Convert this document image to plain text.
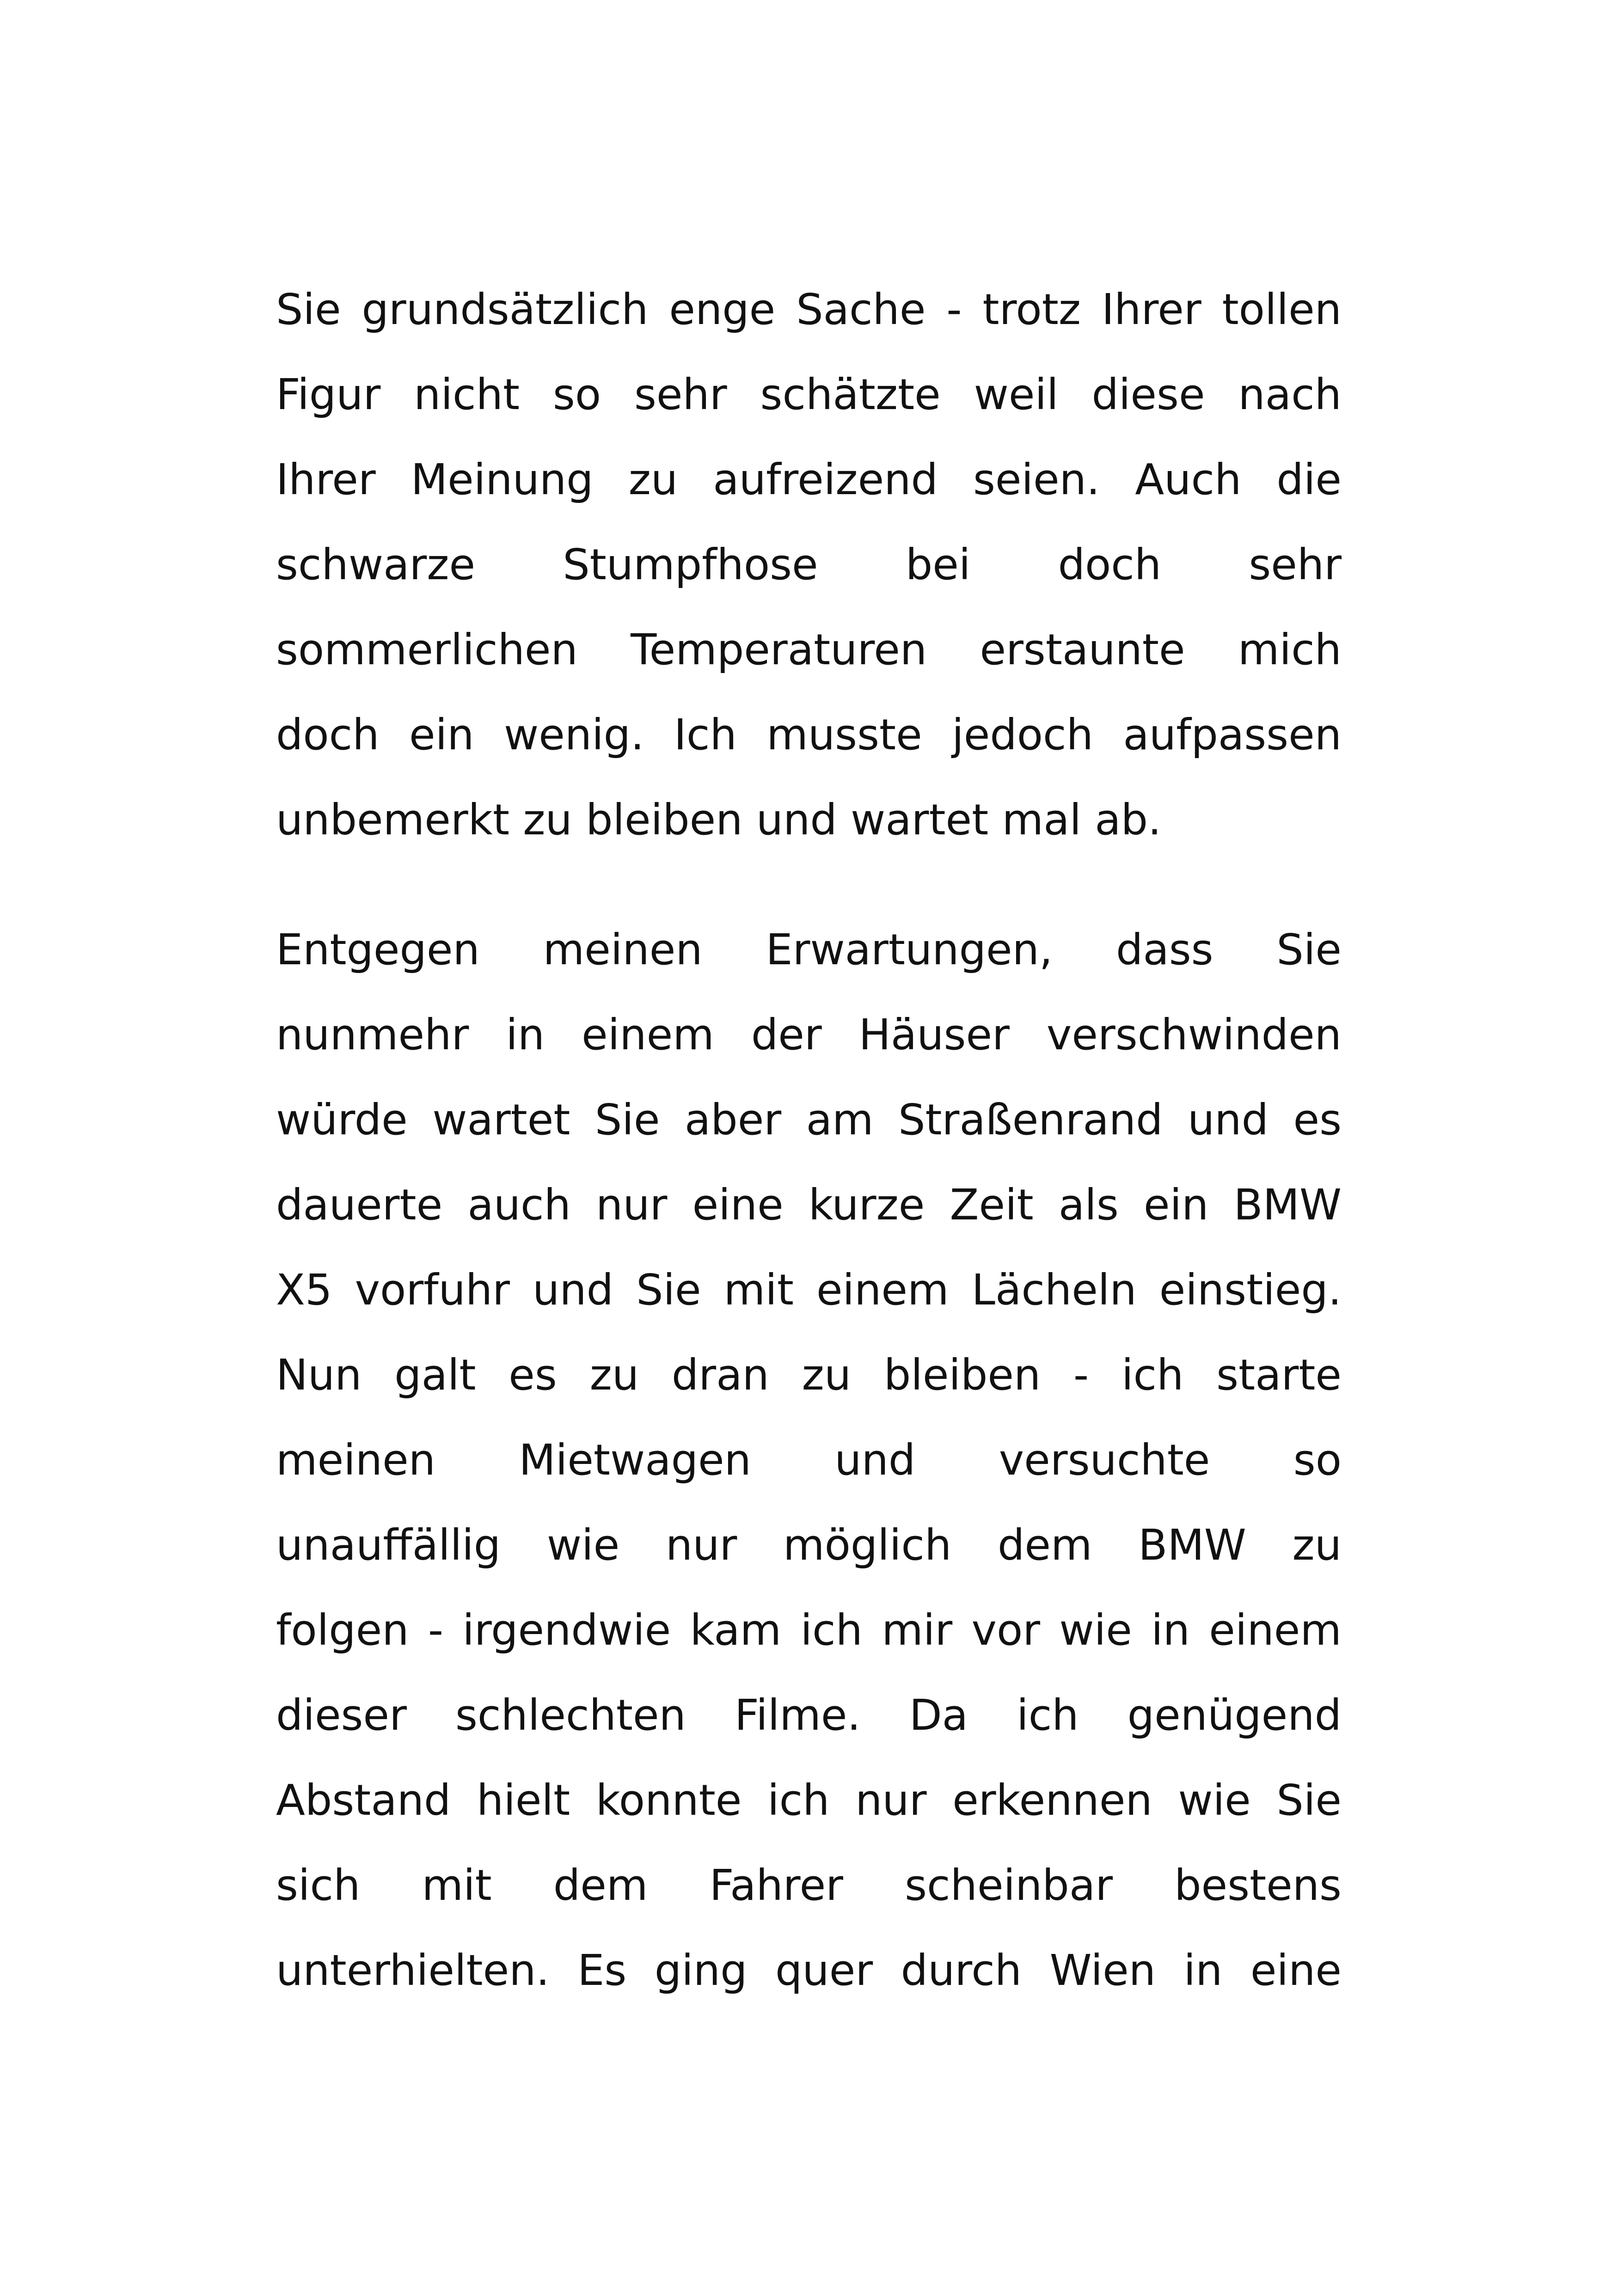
Sie grundsätzlich enge Sache - trotz Ihrer tollen
Figur nicht so sehr schätzte weil diese nach
Ihrer Meinung zu aufreizend seien. Auch die
schwarze Stumpfhose bei doch sehr
sommerlichen Temperaturen erstaunte mich
doch ein wenig. Ich musste jedoch aufpassen
unbemerkt zu bleiben und wartet mal ab.
Entgegen meinen Erwartungen, dass Sie
nunmehr in einem der Häuser verschwinden
würde wartet Sie aber am Straßenrand und es
dauerte auch nur eine kurze Zeit als ein BMW
X5 vorfuhr und Sie mit einem Lächeln einstieg.
Nun galt es zu dran zu bleiben - ich starte
meinen Mietwagen und versuchte so
unauffällig wie nur möglich dem BMW zu
folgen - irgendwie kam ich mir vor wie in einem
dieser schlechten Filme. Da ich genügend
Abstand hielt konnte ich nur erkennen wie Sie
sich mit dem Fahrer scheinbar bestens
unterhielten. Es ging quer durch Wien in eine
